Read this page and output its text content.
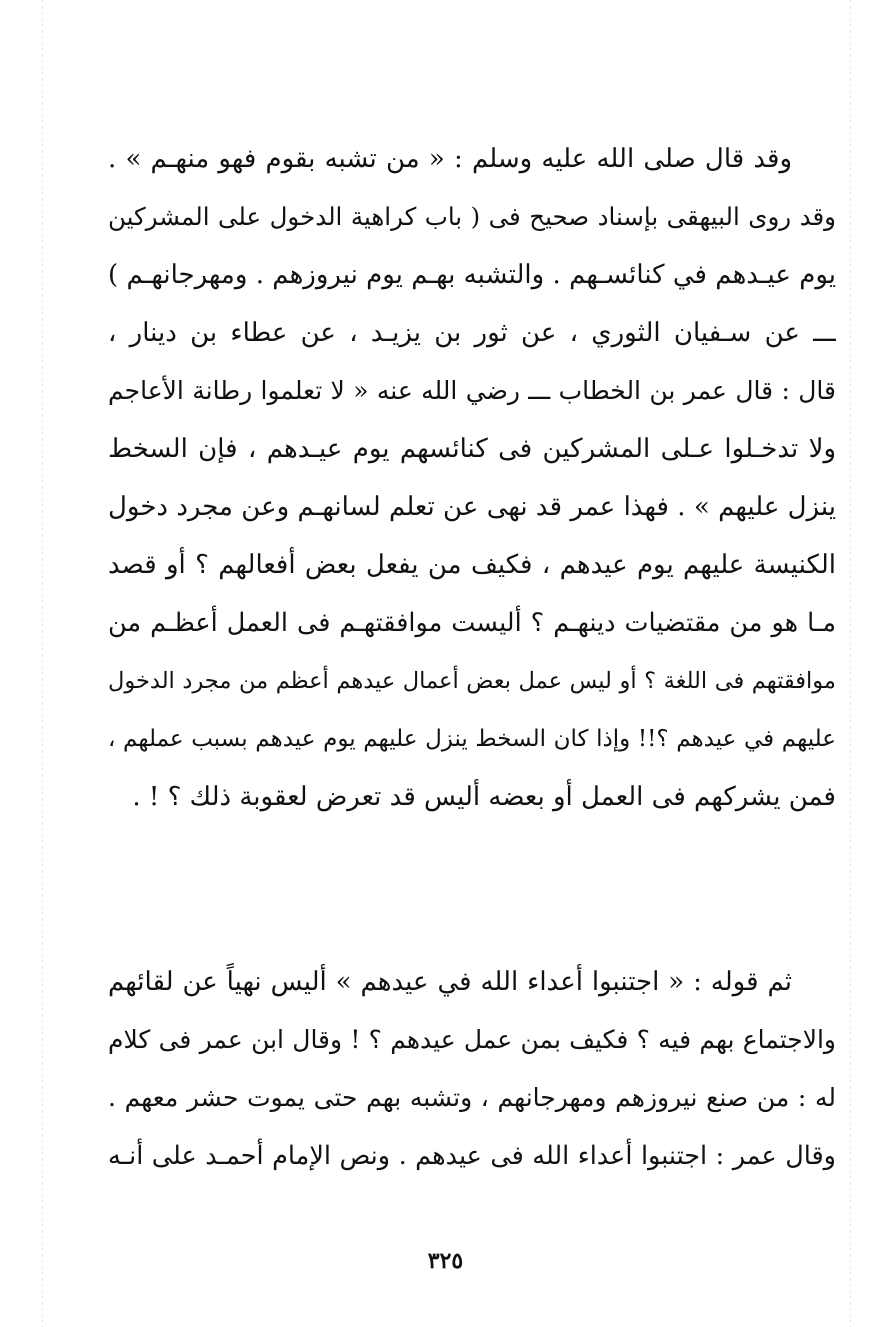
وقد قال صلى الله عليه وسلم : « من تشبه بقوم فهو منهـم » .
وقد روى البيهقى بإسناد صحيح فى ( باب كراهية الدخول على المشركين
يوم عيـدهم في كنائسـهم . والتشبه بهـم يوم نيروزهم . ومهرجانهـم )
ـــ عن سـفيان الثوري ، عن ثور بن يزيـد ، عن عطاء بن دينار ،
قال : قال عمر بن الخطاب ـــ رضي الله عنه « لا تعلموا رطانة الأعاجم
ولا تدخـلوا عـلى المشركين فى كنائسهم يوم عيـدهم ، فإن السخط
ينزل عليهم » . فهذا عمر قد نهى عن تعلم لسانهـم وعن مجرد دخول
الكنيسة عليهم يوم عيدهم ، فكيف من يفعل بعض أفعالهم ؟ أو قصد
مـا هو من مقتضيات دينهـم ؟ أليست موافقتهـم فى العمل أعظـم من
موافقتهم فى اللغة ؟ أو ليس عمل بعض أعمال عيدهم أعظم من مجرد الدخول
عليهم في عيدهم ؟!! وإذا كان السخط ينزل عليهم يوم عيدهم بسبب عملهم ،
فمن يشركهم فى العمل أو بعضه أليس قد تعرض لعقوبة ذلك ؟ ! .
ثم قوله : « اجتنبوا أعداء الله في عيدهم » أليس نهياً عن لقائهم
والاجتماع بهم فيه ؟ فكيف بمن عمل عيدهم ؟ ! وقال ابن عمر فى كلام
له : من صنع نيروزهم ومهرجانهم ، وتشبه بهم حتى يموت حشر معهم .
وقال عمر : اجتنبوا أعداء الله فى عيدهم . ونص الإمام أحمـد على أنـه
٣٢٥
